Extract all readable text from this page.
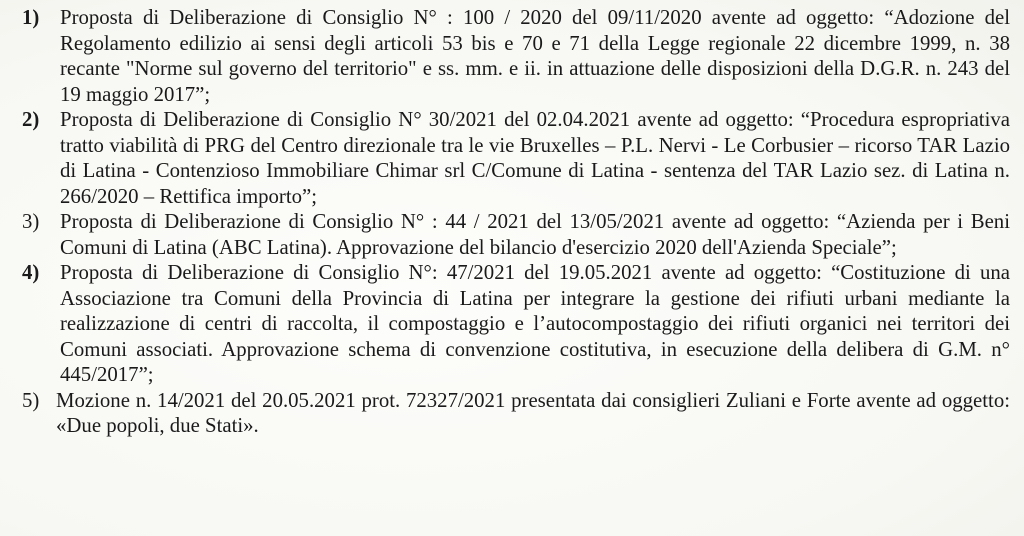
1) Proposta di Deliberazione di Consiglio N° : 100 / 2020 del 09/11/2020 avente ad oggetto: “Adozione del Regolamento edilizio ai sensi degli articoli 53 bis e 70 e 71 della Legge regionale 22 dicembre 1999, n. 38 recante "Norme sul governo del territorio" e ss. mm. e ii. in attuazione delle disposizioni della D.G.R. n. 243 del 19 maggio 2017”;

2) Proposta di Deliberazione di Consiglio N° 30/2021 del 02.04.2021 avente ad oggetto: “Procedura espropriativa tratto viabilità di PRG del Centro direzionale tra le vie Bruxelles – P.L. Nervi - Le Corbusier – ricorso TAR Lazio di Latina - Contenzioso Immobiliare Chimar srl C/Comune di Latina - sentenza del TAR Lazio sez. di Latina n. 266/2020 – Rettifica importo”;

3) Proposta di Deliberazione di Consiglio N° : 44 / 2021 del 13/05/2021 avente ad oggetto: “Azienda per i Beni Comuni di Latina (ABC Latina). Approvazione del bilancio d'esercizio 2020 dell'Azienda Speciale”;

4) Proposta di Deliberazione di Consiglio N°: 47/2021 del 19.05.2021 avente ad oggetto: “Costituzione di una Associazione tra Comuni della Provincia di Latina per integrare la gestione dei rifiuti urbani mediante la realizzazione di centri di raccolta, il compostaggio e l’autocompostaggio dei rifiuti organici nei territori dei Comuni associati. Approvazione schema di convenzione costitutiva, in esecuzione della delibera di G.M. n° 445/2017”;

5) Mozione n. 14/2021 del 20.05.2021 prot. 72327/2021 presentata dai consiglieri Zuliani e Forte avente ad oggetto: «Due popoli, due Stati».
